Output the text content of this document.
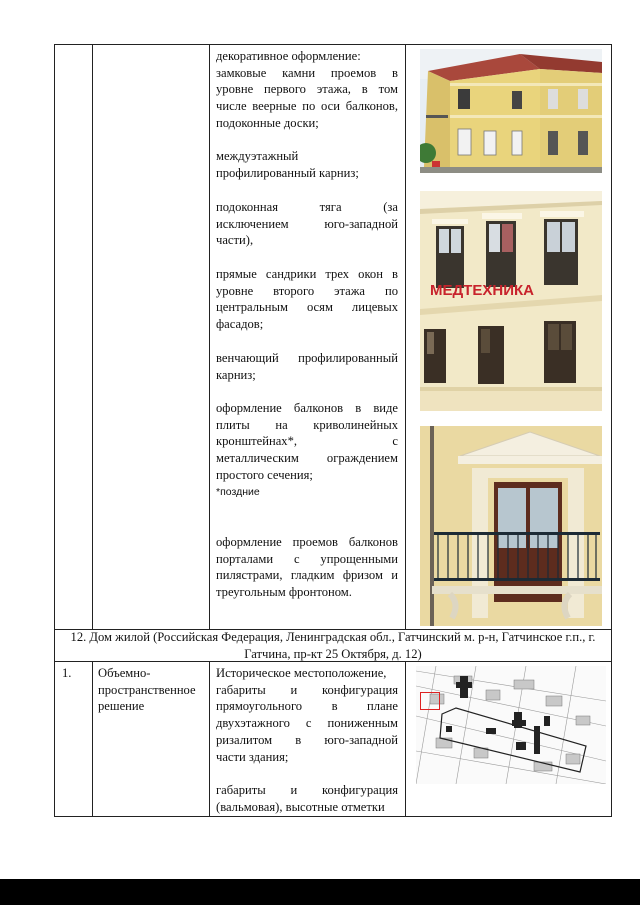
декоративное оформление:

замковые камни проемов в

уровне первого этажа, в том

числе веерные по оси балконов,

подоконные доски;

междуэтажный

профилированный карниз;

подоконная тяга (за

исключением юго-западной

части),

прямые сандрики трех окон в

уровне второго этажа по

центральным осям лицевых

фасадов;

венчающий профилированный

карниз;

оформление балконов в виде

плиты на криволинейных

кронштейнах*, с

металлическим ограждением

простого сечения;

*поздние

оформление проемов балконов

порталами с упрощенными

пилястрами, гладким фризом и

треугольным фронтоном.

МЕДТЕХНИКА
12. Дом жилой (Российская Федерация, Ленинградская обл., Гатчинский м. р-н, Гатчинское г.п., г.
Гатчина, пр-кт 25 Октября, д. 12)
1.	Объемно-

пространственное

решение

Историческое местоположение,

габариты и конфигурация

прямоугольного в плане

двухэтажного с пониженным

ризалитом в юго-западной

части здания;

габариты и конфигурация

(вальмовая), высотные отметки
